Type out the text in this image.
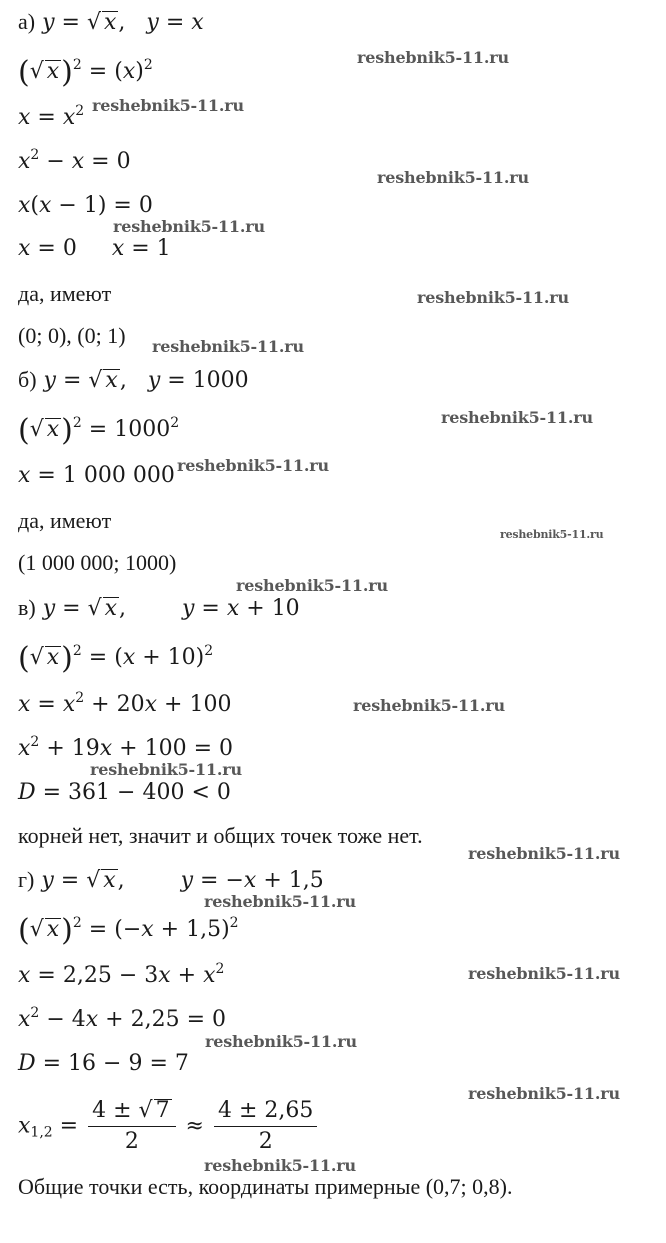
а) y = √ x,   y = x
(√ $x)^2 = (x)^2$
$x = x^2$
$x^2 - x = 0$
x(x − 1) = 0
x = 0     x = 1
да, имеют
(0; 0), (0; 1)
б) y = √ x,   y = 1000
(√ $x)^2 = 1000^2$
x = 1 000 000
да, имеют
(1 000 000; 1000)
в) y = √ x,        y = x + 10
(√ $x)^2 = (x + 10)^2$
$x = x^2 + 20x + 100$
$x^2 + 19x + 100 = 0$
D = 361 − 400 < 0
корней нет, значит и общих точек тоже нет.
г) y = √ x,        y = −x + 1,5
(√ $x)^2 = (-x + 1,5)^2$
$x = 2,25 - 3x + x^2$
$x^2 - 4x + 2,25 = 0$
D = 16 − 9 = 7
$x_{1,2} = \frac{4 \pm √ 7}{2} \approx \frac{4 \pm 2,65}{2}$
Общие точки есть, координаты примерные (0,7; 0,8).
reshebnik5-11.ru
reshebnik5-11.ru
reshebnik5-11.ru
reshebnik5-11.ru
reshebnik5-11.ru
reshebnik5-11.ru
reshebnik5-11.ru
reshebnik5-11.ru
reshebnik5-11.ru
reshebnik5-11.ru
reshebnik5-11.ru
reshebnik5-11.ru
reshebnik5-11.ru
reshebnik5-11.ru
reshebnik5-11.ru
reshebnik5-11.ru
reshebnik5-11.ru
reshebnik5-11.ru
